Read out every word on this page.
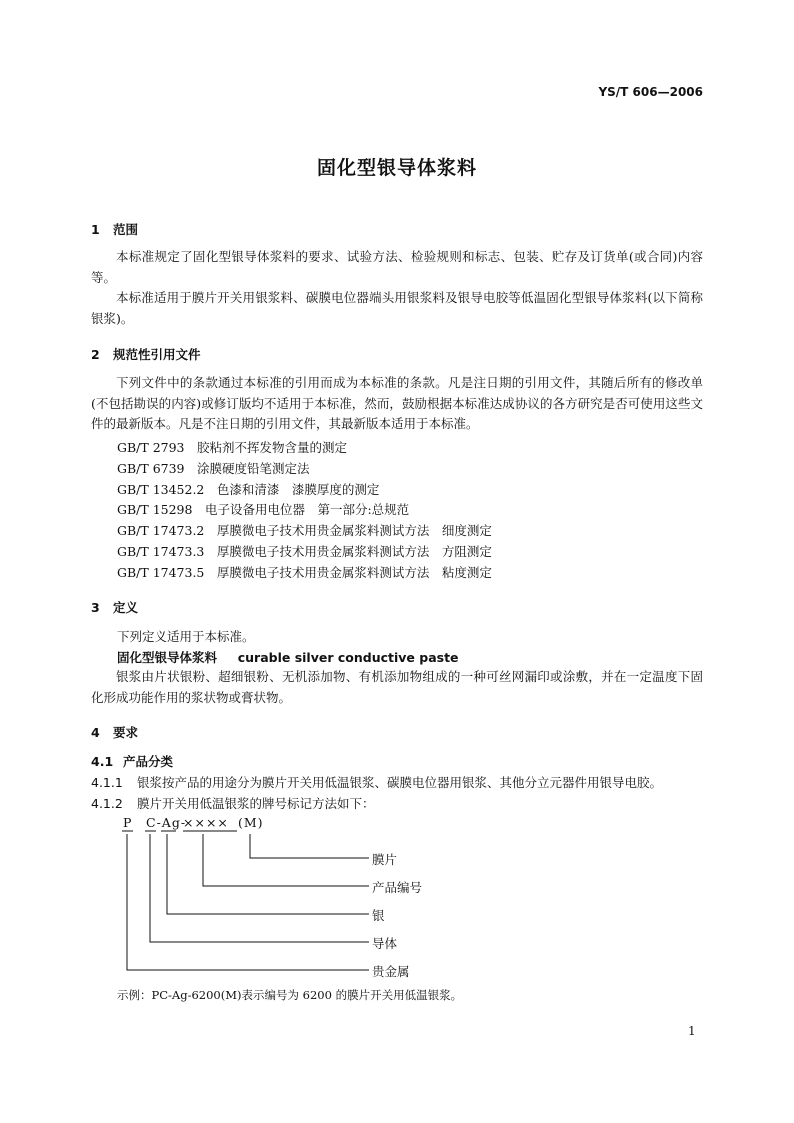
YS/T 606—2006
固化型银导体浆料
1 范围
本标准规定了固化型银导体浆料的要求、试验方法、检验规则和标志、包装、贮存及订货单(或合同)内容等。
本标准适用于膜片开关用银浆料、碳膜电位器端头用银浆料及银导电胶等低温固化型银导体浆料(以下简称银浆)。
2 规范性引用文件
下列文件中的条款通过本标准的引用而成为本标准的条款。凡是注日期的引用文件，其随后所有的修改单(不包括勘误的内容)或修订版均不适用于本标准，然而，鼓励根据本标准达成协议的各方研究是否可使用这些文件的最新版本。凡是不注日期的引用文件，其最新版本适用于本标准。
GB/T 2793　胶粘剂不挥发物含量的测定
GB/T 6739　涂膜硬度铅笔测定法
GB/T 13452.2　色漆和清漆　漆膜厚度的测定
GB/T 15298　电子设备用电位器　第一部分:总规范
GB/T 17473.2　厚膜微电子技术用贵金属浆料测试方法　细度测定
GB/T 17473.3　厚膜微电子技术用贵金属浆料测试方法　方阻测定
GB/T 17473.5　厚膜微电子技术用贵金属浆料测试方法　粘度测定
3 定义
下列定义适用于本标准。
固化型银导体浆料 curable silver conductive paste
银浆由片状银粉、超细银粉、无机添加物、有机添加物组成的一种可丝网漏印或涂敷，并在一定温度下固化形成功能作用的浆状物或膏状物。
4 要求
4.1 产品分类
4.1.1 银浆按产品的用途分为膜片开关用低温银浆、碳膜电位器用银浆、其他分立元器件用银导电胶。
4.1.2 膜片开关用低温银浆的牌号标记方法如下：
P C-Ag-
×××× (M)
膜片
产品编号
银
导体
贵金属
示例：PC-Ag-6200(M)表示编号为 6200 的膜片开关用低温银浆。
1
